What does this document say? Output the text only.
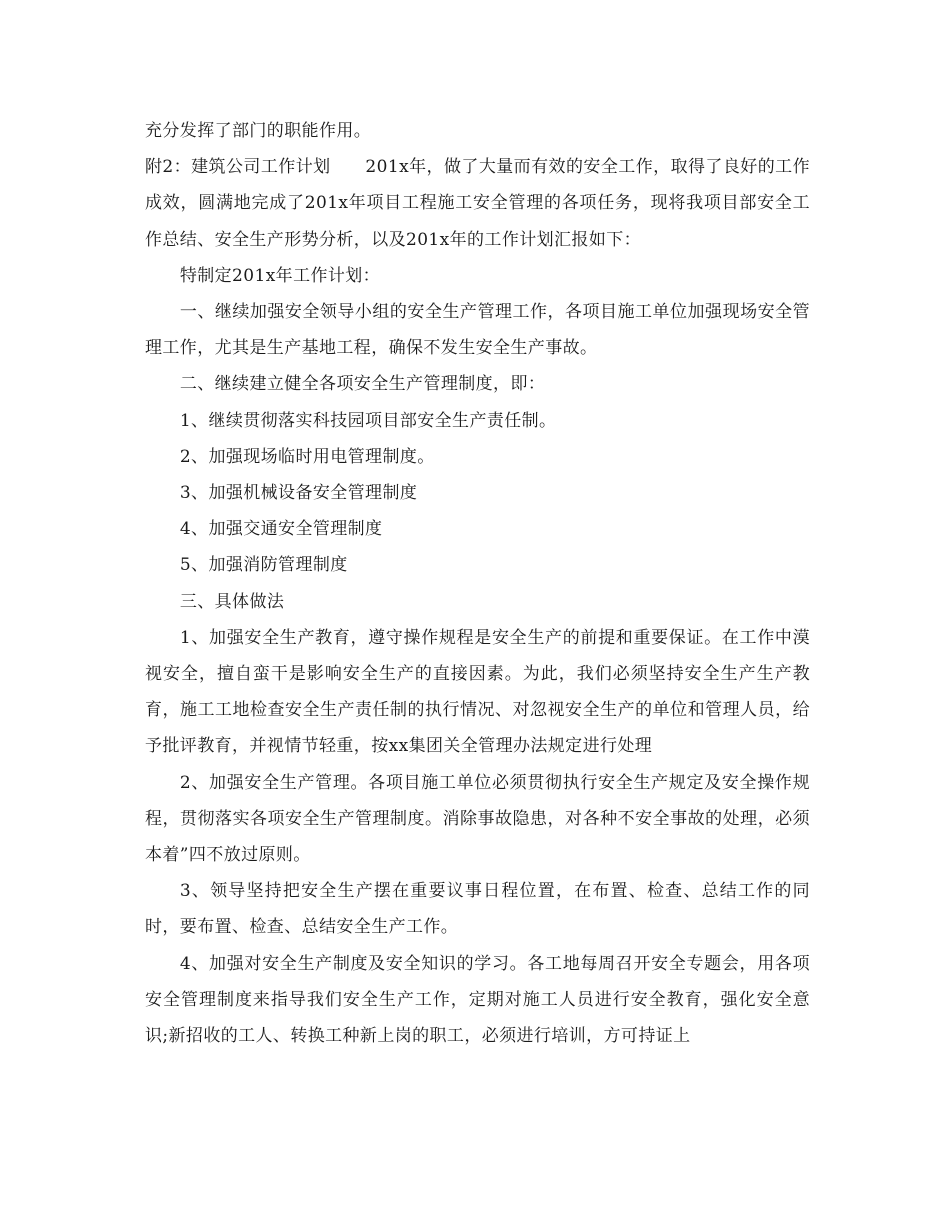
充分发挥了部门的职能作用。

附2：建筑公司工作计划　　201x年，做了大量而有效的安全工作，取得了良好的工作成效，圆满地完成了201x年项目工程施工安全管理的各项任务，现将我项目部安全工作总结、安全生产形势分析，以及201x年的工作计划汇报如下：

特制定201x年工作计划：

一、继续加强安全领导小组的安全生产管理工作，各项目施工单位加强现场安全管理工作，尤其是生产基地工程，确保不发生安全生产事故。

二、继续建立健全各项安全生产管理制度，即：

1、继续贯彻落实科技园项目部安全生产责任制。

2、加强现场临时用电管理制度。

3、加强机械设备安全管理制度

4、加强交通安全管理制度

5、加强消防管理制度

三、具体做法

1、加强安全生产教育，遵守操作规程是安全生产的前提和重要保证。在工作中漠视安全，擅自蛮干是影响安全生产的直接因素。为此，我们必须坚持安全生产生产教育，施工工地检查安全生产责任制的执行情况、对忽视安全生产的单位和管理人员，给予批评教育，并视情节轻重，按xx集团关全管理办法规定进行处理

2、加强安全生产管理。各项目施工单位必须贯彻执行安全生产规定及安全操作规程，贯彻落实各项安全生产管理制度。消除事故隐患，对各种不安全事故的处理，必须本着”四不放过原则。

3、领导坚持把安全生产摆在重要议事日程位置，在布置、检查、总结工作的同时，要布置、检查、总结安全生产工作。

4、加强对安全生产制度及安全知识的学习。各工地每周召开安全专题会，用各项安全管理制度来指导我们安全生产工作，定期对施工人员进行安全教育，强化安全意识;新招收的工人、转换工种新上岗的职工，必须进行培训，方可持证上
